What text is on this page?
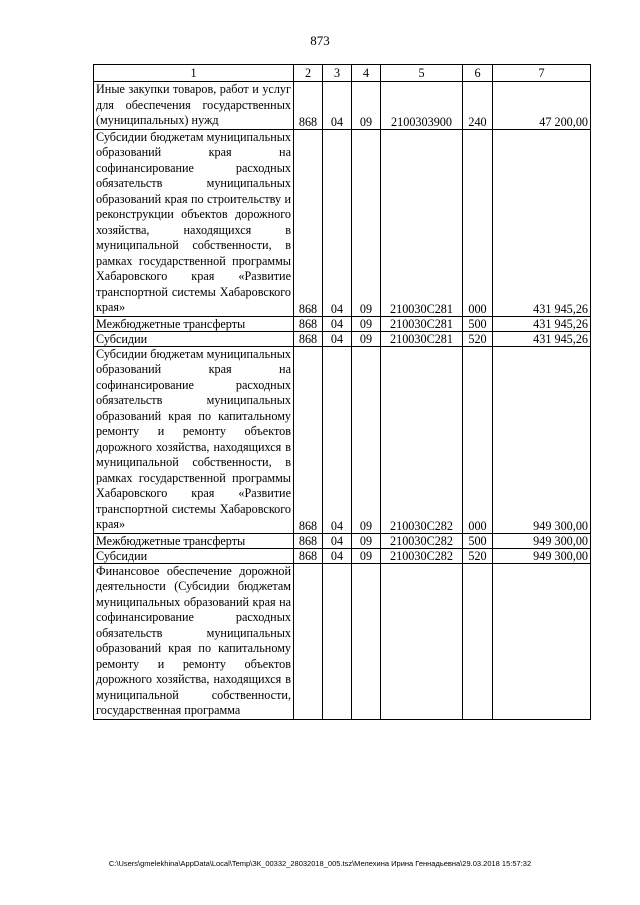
873
1	2	3	4	5	6	7
Иные закупки товаров, работ и услуг для обеспечения государственных (муниципальных) нужд	868	04	09	2100303900	240	47 200,00
Субсидии бюджетам муниципальных образований края на софинансирование расходных обязательств муниципальных образований края по строительству и реконструкции объектов дорожного хозяйства, находящихся в муниципальной собственности, в рамках государственной программы Хабаровского края «Развитие транспортной системы Хабаровского края»	868	04	09	210030С281	000	431 945,26
Межбюджетные трансферты	868	04	09	210030С281	500	431 945,26
Субсидии	868	04	09	210030С281	520	431 945,26
Субсидии бюджетам муниципальных образований края на софинансирование расходных обязательств муниципальных образований края по капитальному ремонту и ремонту объектов дорожного хозяйства, находящихся в муниципальной собственности, в рамках государственной программы Хабаровского края «Развитие транспортной системы Хабаровского края»	868	04	09	210030С282	000	949 300,00
Межбюджетные трансферты	868	04	09	210030С282	500	949 300,00
Субсидии	868	04	09	210030С282	520	949 300,00
Финансовое обеспечение дорожной деятельности (Субсидии бюджетам муниципальных образований края на софинансирование расходных обязательств муниципальных образований края по капитальному ремонту и ремонту объектов дорожного хозяйства, находящихся в муниципальной собственности, государственная программа						
C:\Users\gmelekhina\AppData\Local\Temp\ЗК_00332_28032018_005.tsz\Мелехина Ирина Геннадьевна\29.03.2018 15:57:32
